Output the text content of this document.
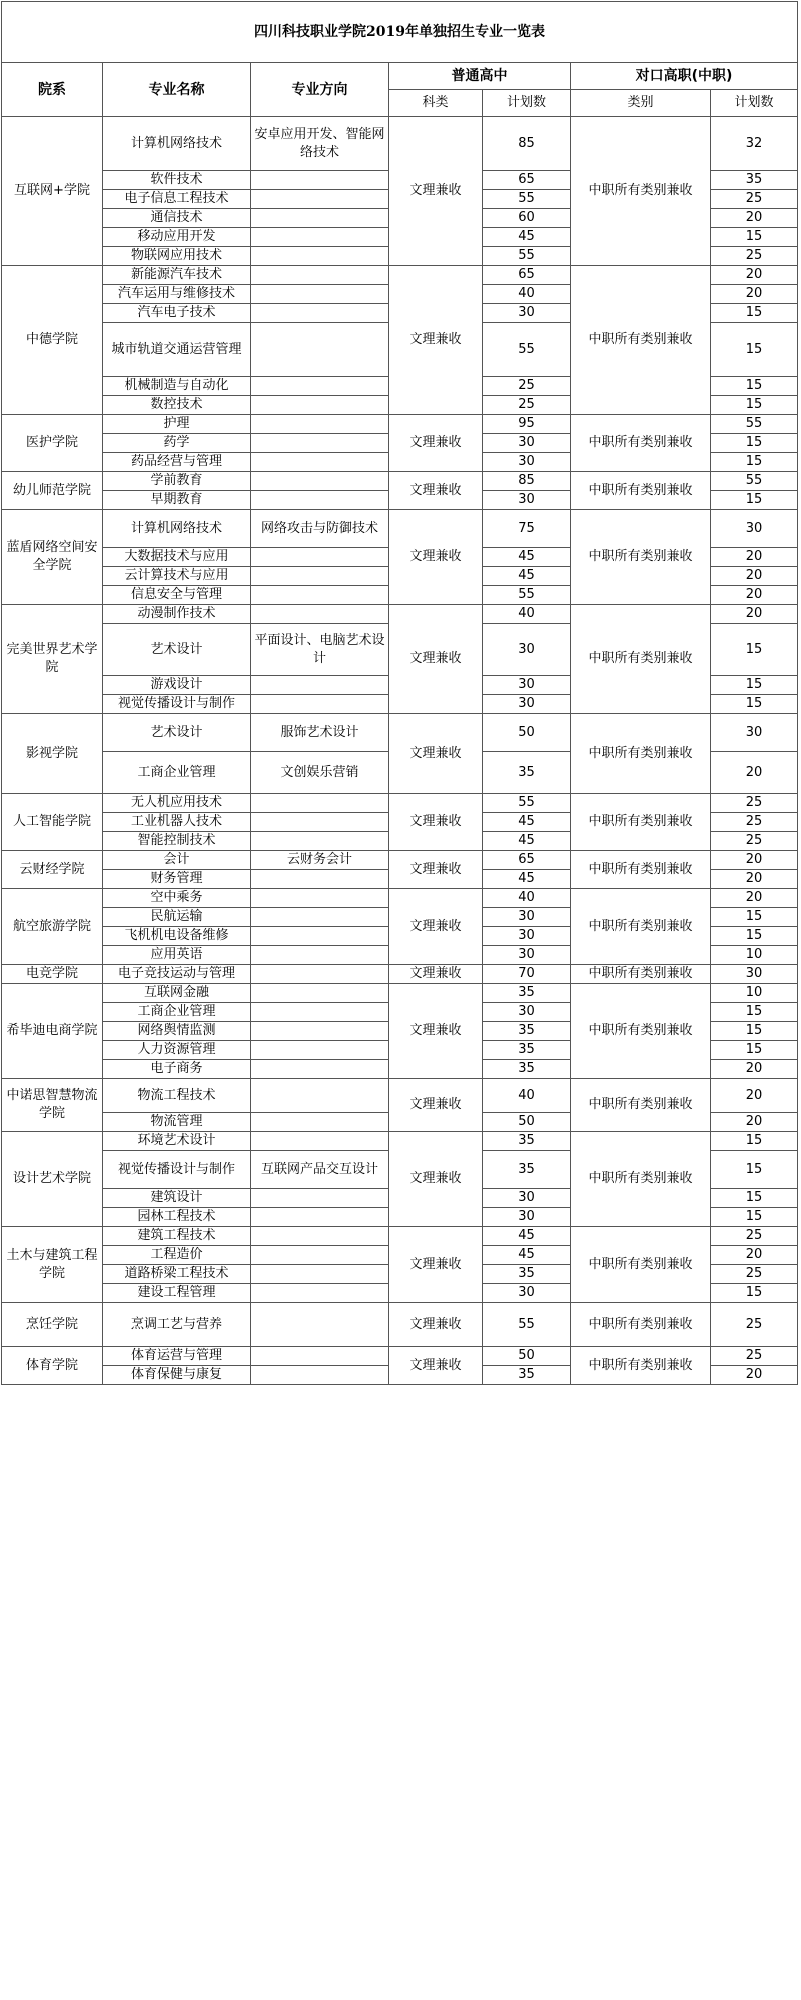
四川科技职业学院2019年单独招生专业一览表						
院系	专业名称	专业方向	普通高中		对口高职(中职)	
			科类	计划数	类别	计划数
互联网+学院	计算机网络技术	安卓应用开发、智能网络技术	文理兼收	85	中职所有类别兼收	32
	软件技术			65		35
	电子信息工程技术			55		25
	通信技术			60		20
	移动应用开发			45		15
	物联网应用技术			55		25
中德学院	新能源汽车技术		文理兼收	65	中职所有类别兼收	20
	汽车运用与维修技术			40		20
	汽车电子技术			30		15
	城市轨道交通运营管理			55		15
	机械制造与自动化			25		15
	数控技术			25		15
医护学院	护理		文理兼收	95	中职所有类别兼收	55
	药学			30		15
	药品经营与管理			30		15
幼儿师范学院	学前教育		文理兼收	85	中职所有类别兼收	55
	早期教育			30		15
蓝盾网络空间安全学院	计算机网络技术	网络攻击与防御技术	文理兼收	75	中职所有类别兼收	30
	大数据技术与应用			45		20
	云计算技术与应用			45		20
	信息安全与管理			55		20
完美世界艺术学院	动漫制作技术		文理兼收	40	中职所有类别兼收	20
	艺术设计	平面设计、电脑艺术设计		30		15
	游戏设计			30		15
	视觉传播设计与制作			30		15
影视学院	艺术设计	服饰艺术设计	文理兼收	50	中职所有类别兼收	30
	工商企业管理	文创娱乐营销		35		20
人工智能学院	无人机应用技术		文理兼收	55	中职所有类别兼收	25
	工业机器人技术			45		25
	智能控制技术			45		25
云财经学院	会计	云财务会计	文理兼收	65	中职所有类别兼收	20
	财务管理			45		20
航空旅游学院	空中乘务		文理兼收	40	中职所有类别兼收	20
	民航运输			30		15
	飞机机电设备维修			30		15
	应用英语			30		10
电竞学院	电子竞技运动与管理		文理兼收	70	中职所有类别兼收	30
希毕迪电商学院	互联网金融		文理兼收	35	中职所有类别兼收	10
	工商企业管理			30		15
	网络舆情监测			35		15
	人力资源管理			35		15
	电子商务			35		20
中诺思智慧物流学院	物流工程技术		文理兼收	40	中职所有类别兼收	20
	物流管理			50		20
设计艺术学院	环境艺术设计		文理兼收	35	中职所有类别兼收	15
	视觉传播设计与制作	互联网产品交互设计		35		15
	建筑设计			30		15
	园林工程技术			30		15
土木与建筑工程学院	建筑工程技术		文理兼收	45	中职所有类别兼收	25
	工程造价			45		20
	道路桥梁工程技术			35		25
	建设工程管理			30		15
烹饪学院	烹调工艺与营养		文理兼收	55	中职所有类别兼收	25
体育学院	体育运营与管理		文理兼收	50	中职所有类别兼收	25
	体育保健与康复			35		20
